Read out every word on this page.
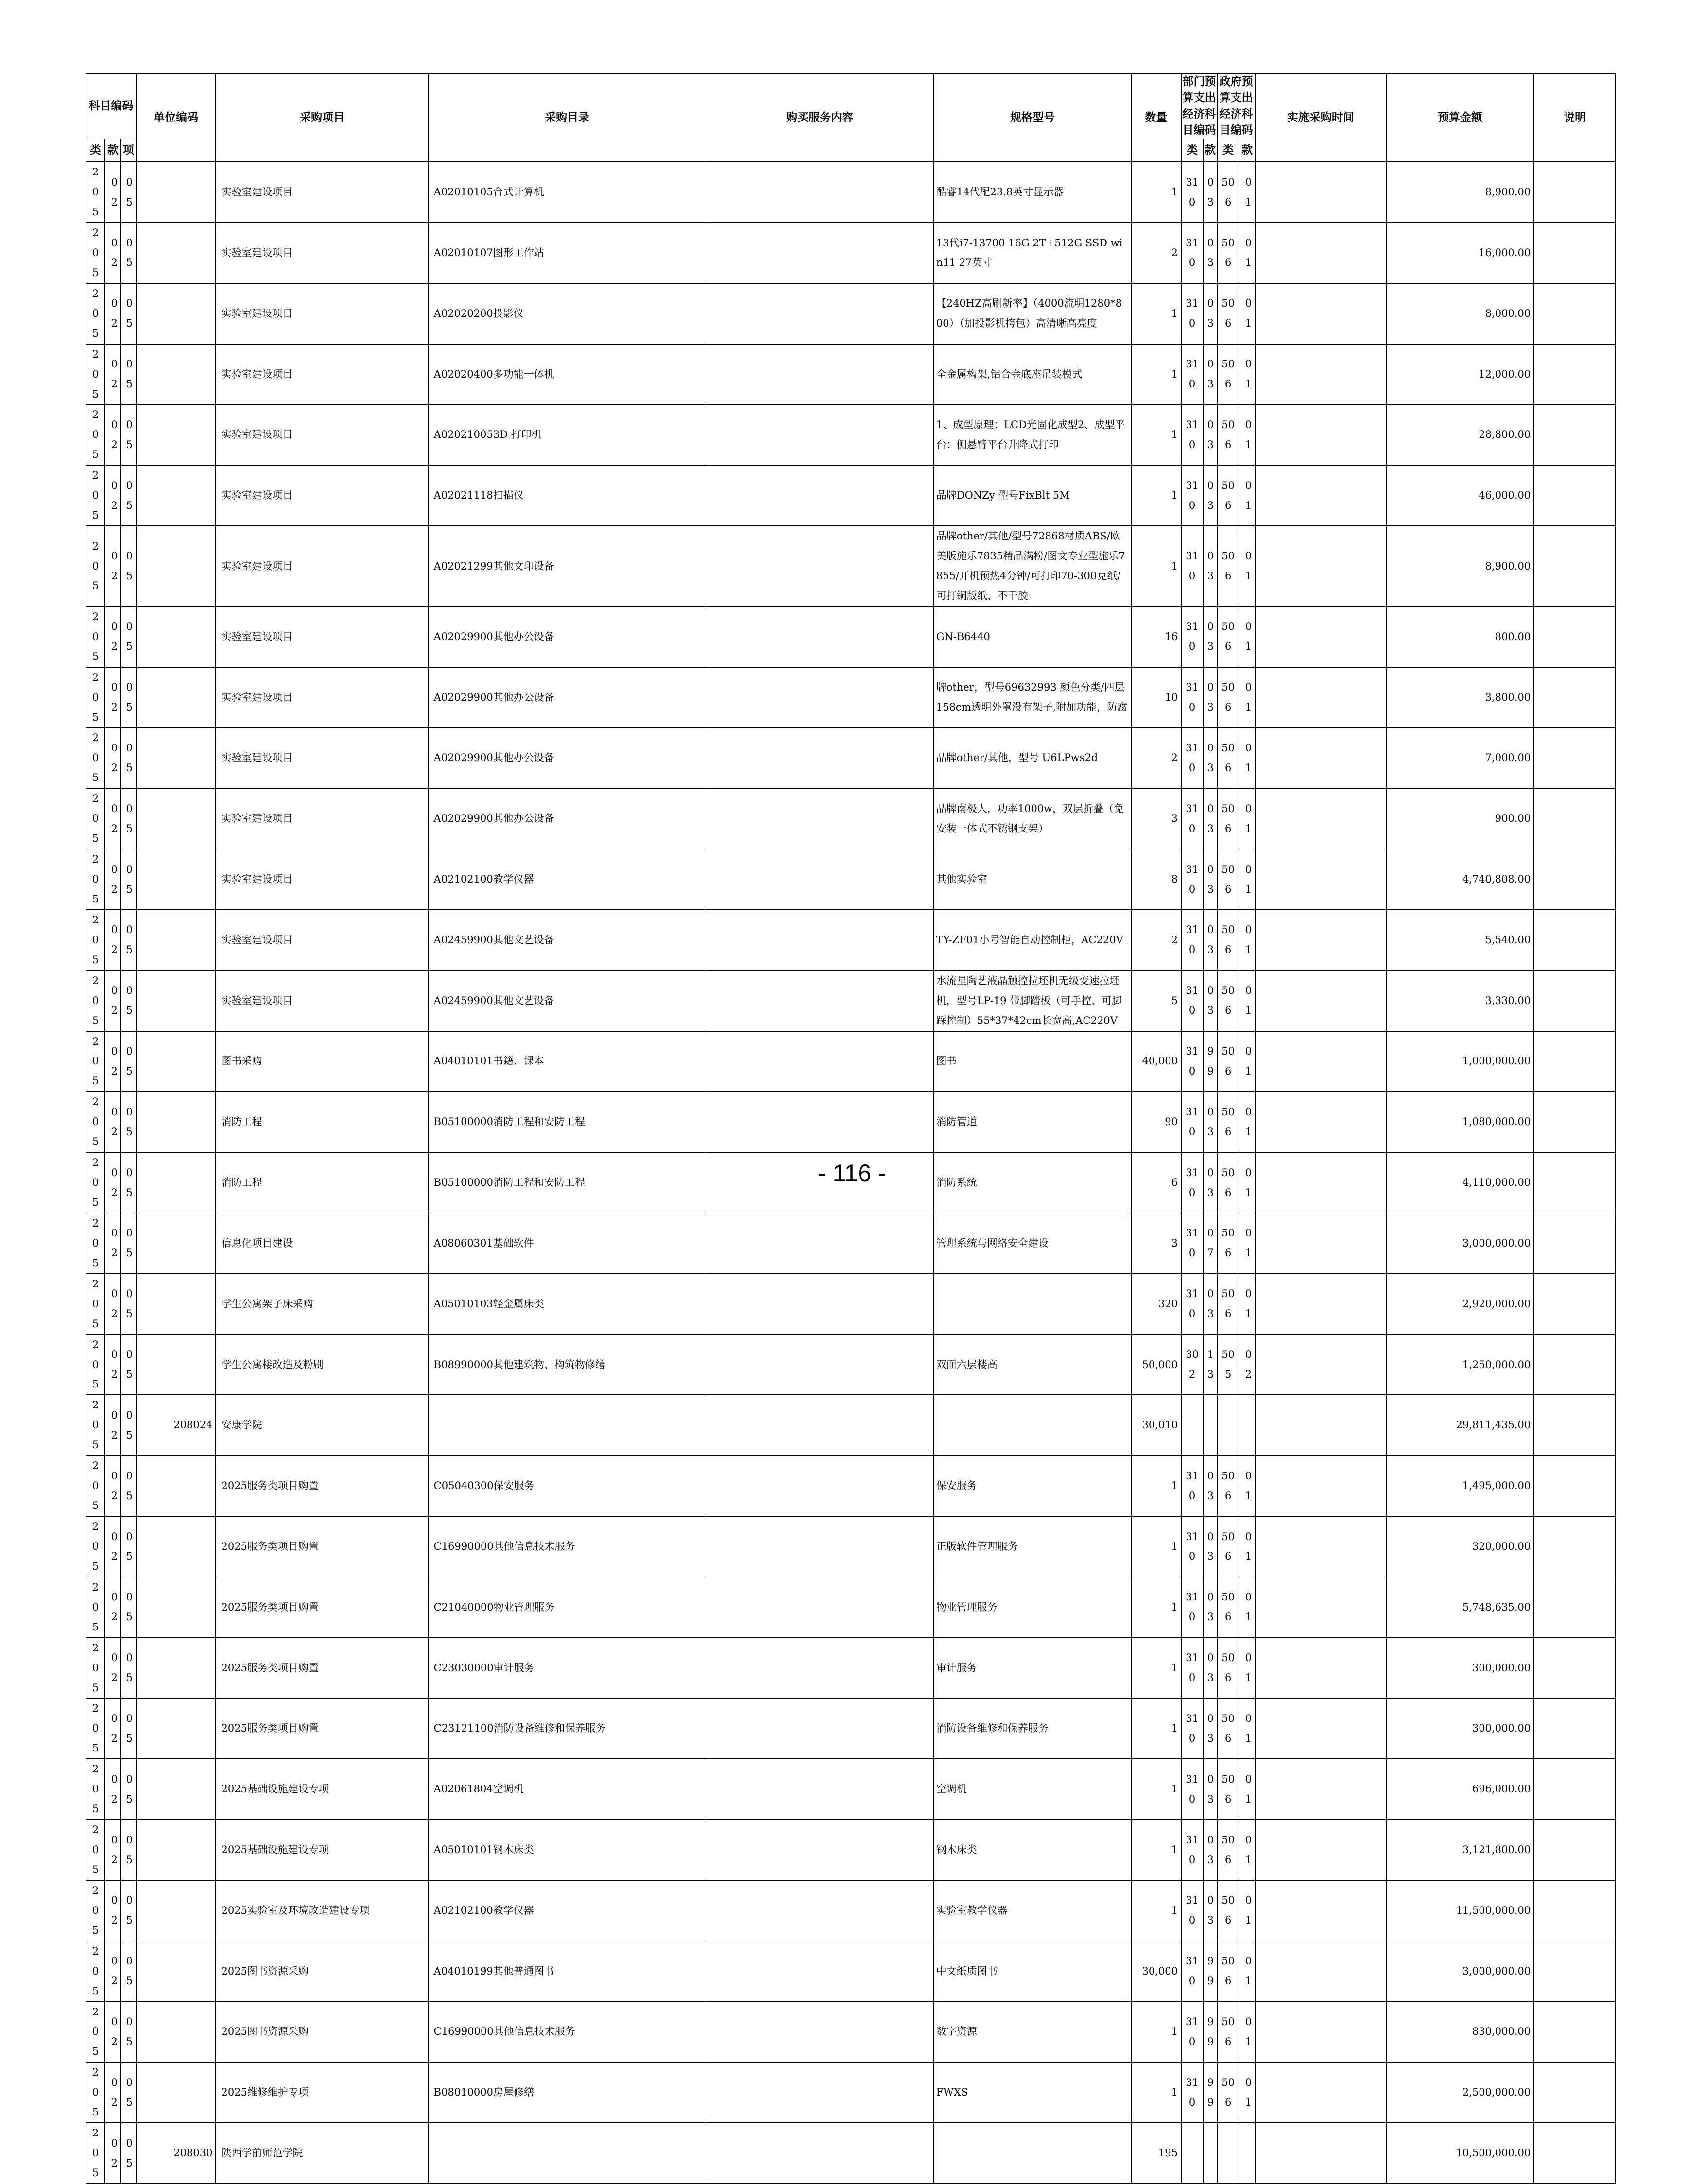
科目编码			单位编码	采购项目	采购目录	购买服务内容	规格型号	数量	部门预算支出经济科目编码		政府预算支出经济科目编码		实施采购时间	预算金额	说明
类	款	项							类	款	类	款			
205	02	05		实验室建设项目	A02010105台式计算机		酷睿14代配23.8英寸显示器	1	310	03	506	01		8,900.00	
205	02	05		实验室建设项目	A02010107图形工作站		13代i7-13700 16G 2T+512G SSD win11 27英寸	2	310	03	506	01		16,000.00	
205	02	05		实验室建设项目	A02020200投影仪		【240HZ高刷新率】（4000流明1280*800）（加投影机挎包）高清晰高亮度	1	310	03	506	01		8,000.00	
205	02	05		实验室建设项目	A02020400多功能一体机		全金属构架,铝合金底座吊装模式	1	310	03	506	01		12,000.00	
205	02	05		实验室建设项目	A020210053D 打印机		1、成型原理：LCD光固化成型2、成型平台：侧悬臂平台升降式打印	1	310	03	506	01		28,800.00	
205	02	05		实验室建设项目	A02021118扫描仪		品牌DONZy 型号FixBlt 5M	1	310	03	506	01		46,000.00	
205	02	05		实验室建设项目	A02021299其他文印设备		品牌other/其他/型号72868材质ABS/欧美版施乐7835精品满粉/图文专业型施乐7855/开机预热4分钟/可打印70-300克纸/可打铜版纸、不干胶	1	310	03	506	01		8,900.00	
205	02	05		实验室建设项目	A02029900其他办公设备		GN-B6440	16	310	03	506	01		800.00	
205	02	05		实验室建设项目	A02029900其他办公设备		牌other，型号69632993 颜色分类/四层158cm透明外罩没有架子,附加功能，防腐	10	310	03	506	01		3,800.00	
205	02	05		实验室建设项目	A02029900其他办公设备		品牌other/其他，型号 U6LPws2d	2	310	03	506	01		7,000.00	
205	02	05		实验室建设项目	A02029900其他办公设备		品牌南极人，功率1000w，双层折叠（免安装一体式不锈钢支架）	3	310	03	506	01		900.00	
205	02	05		实验室建设项目	A02102100教学仪器		其他实验室	8	310	03	506	01		4,740,808.00	
205	02	05		实验室建设项目	A02459900其他文艺设备		TY-ZF01小号智能自动控制柜，AC220V	2	310	03	506	01		5,540.00	
205	02	05		实验室建设项目	A02459900其他文艺设备		水流星陶艺液晶触控拉坯机无级变速拉坯机，型号LP-19 带脚踏板（可手控、可脚踩控制）55*37*42cm长宽高,AC220V	5	310	03	506	01		3,330.00	
205	02	05		图书采购	A04010101书籍、课本		图书	40,000	310	99	506	01		1,000,000.00	
205	02	05		消防工程	B05100000消防工程和安防工程		消防管道	90	310	03	506	01		1,080,000.00	
205	02	05		消防工程	B05100000消防工程和安防工程		消防系统	6	310	03	506	01		4,110,000.00	
205	02	05		信息化项目建设	A08060301基础软件		管理系统与网络安全建设	3	310	07	506	01		3,000,000.00	
205	02	05		学生公寓架子床采购	A05010103轻金属床类			320	310	03	506	01		2,920,000.00	
205	02	05		学生公寓楼改造及粉刷	B08990000其他建筑物、构筑物修缮		双面六层楼高	50,000	302	13	505	02		1,250,000.00	
205	02	05	208024	安康学院				30,010						29,811,435.00	
205	02	05		2025服务类项目购置	C05040300保安服务		保安服务	1	310	03	506	01		1,495,000.00	
205	02	05		2025服务类项目购置	C16990000其他信息技术服务		正版软件管理服务	1	310	03	506	01		320,000.00	
205	02	05		2025服务类项目购置	C21040000物业管理服务		物业管理服务	1	310	03	506	01		5,748,635.00	
205	02	05		2025服务类项目购置	C23030000审计服务		审计服务	1	310	03	506	01		300,000.00	
205	02	05		2025服务类项目购置	C23121100消防设备维修和保养服务		消防设备维修和保养服务	1	310	03	506	01		300,000.00	
205	02	05		2025基础设施建设专项	A02061804空调机		空调机	1	310	03	506	01		696,000.00	
205	02	05		2025基础设施建设专项	A05010101钢木床类		钢木床类	1	310	03	506	01		3,121,800.00	
205	02	05		2025实验室及环境改造建设专项	A02102100教学仪器		实验室教学仪器	1	310	03	506	01		11,500,000.00	
205	02	05		2025图书资源采购	A04010199其他普通图书		中文纸质图书	30,000	310	99	506	01		3,000,000.00	
205	02	05		2025图书资源采购	C16990000其他信息技术服务		数字资源	1	310	99	506	01		830,000.00	
205	02	05		2025维修维护专项	B08010000房屋修缮		FWXS	1	310	99	506	01		2,500,000.00	
205	02	05	208030	陕西学前师范学院				195						10,500,000.00	
- 116 -
